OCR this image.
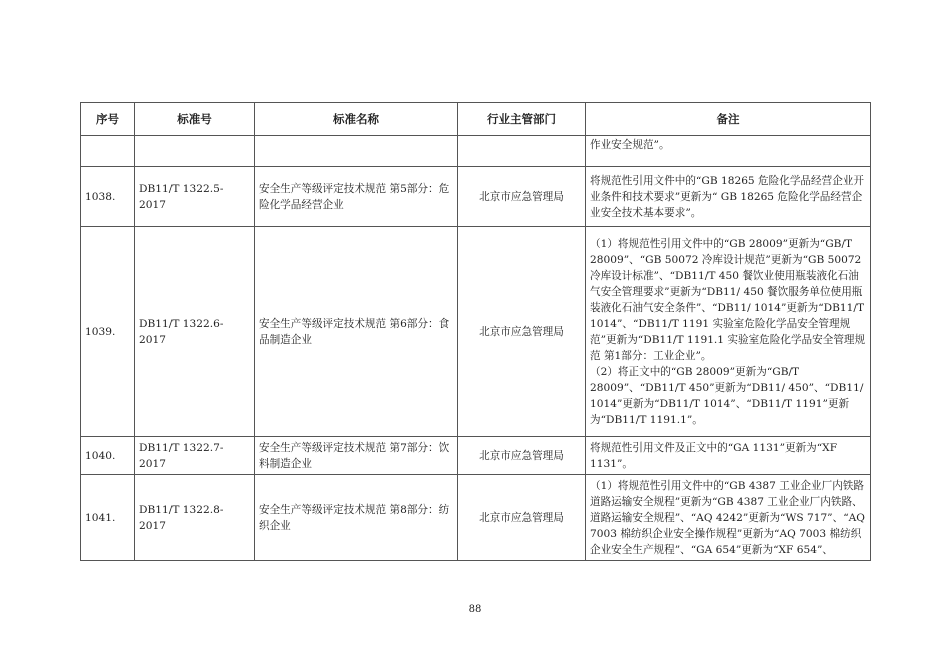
序号	标准号	标准名称	行业主管部门	备注
				作业安全规范”。
1038.	DB11/T 1322.5-2017	安全生产等级评定技术规范 第5部分：危险化学品经营企业	北京市应急管理局	将规范性引用文件中的“GB 18265 危险化学品经营企业开业条件和技术要求”更新为“ GB 18265 危险化学品经营企业安全技术基本要求”。

1039.	DB11/T 1322.6-2017	安全生产等级评定技术规范 第6部分：食品制造企业	北京市应急管理局	（1）将规范性引用文件中的“GB 28009”更新为“GB/T 28009”、“GB 50072 冷库设计规范”更新为“GB 50072 冷库设计标准”、“DB11/T 450 餐饮业使用瓶装液化石油气安全管理要求”更新为“DB11/ 450 餐饮服务单位使用瓶装液化石油气安全条件”、“DB11/ 1014”更新为“DB11/T 1014”、“DB11/T 1191 实验室危险化学品安全管理规范”更新为“DB11/T 1191.1 实验室危险化学品安全管理规范 第1部分：工业企业”。
（2）将正文中的“GB 28009”更新为“GB/T 28009”、“DB11/T 450”更新为“DB11/ 450”、“DB11/ 1014”更新为“DB11/T 1014”、“DB11/T 1191”更新为“DB11/T 1191.1”。

1040.	DB11/T 1322.7-2017	安全生产等级评定技术规范 第7部分：饮料制造企业	北京市应急管理局	将规范性引用文件及正文中的“GA 1131”更新为“XF 1131”。

1041.	DB11/T 1322.8-2017	安全生产等级评定技术规范 第8部分：纺织企业	北京市应急管理局	（1）将规范性引用文件中的“GB 4387 工业企业厂内铁路道路运输安全规程”更新为“GB 4387 工业企业厂内铁路、道路运输安全规程”、“AQ 4242”更新为“WS 717”、“AQ 7003 棉纺织企业安全操作规程”更新为“AQ 7003 棉纺织企业安全生产规程”、“GA 654”更新为“XF 654”、
88
